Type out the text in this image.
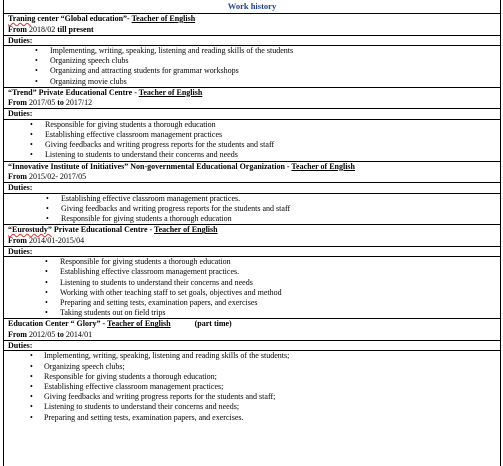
Work history
Traning center “Global education”- Teacher of English
From 2018/02 till present
Duties:
• Implementing, writing, speaking, listening and reading skills of the students
• Organizing speech clubs
• Organizing and attracting students for grammar workshops
• Organizing movie clubs
“Trend” Private Educational Centre - Teacher of English
From 2017/05 to 2017/12
Duties:
• Responsible for giving students a thorough education
• Establishing effective classroom management practices
• Giving feedbacks and writing progress reports for the students and staff
• Listening to students to understand their concerns and needs
“Innovative Institute of Initiatives” Non-governmental Educational Organization - Teacher of English
From 2015/02- 2017/05
Duties:
• Establishing effective classroom management practices.
• Giving feedbacks and writing progress reports for the students and staff
• Responsible for giving students a thorough education
“Eurostudy” Private Educational Centre - Teacher of English
From 2014/01-2015/04
Duties:
• Responsible for giving students a thorough education
• Establishing effective classroom management practices.
• Listening to students to understand their concerns and needs
• Working with other teaching staff to set goals, objectives and method
• Preparing and setting tests, examination papers, and exercises
• Taking students out on field trips
Education Center “ Glory” - Teacher of English	(part time)
From 2012/05 to 2014/01
Duties:
• Implementing, writing, speaking, listening and reading skills of the students;
• Organizing speech clubs;
• Responsible for giving students a thorough education;
• Establishing effective classroom management practices;
• Giving feedbacks and writing progress reports for the students and staff;
• Listening to students to understand their concerns and needs;
• Preparing and setting tests, examination papers, and exercises.
